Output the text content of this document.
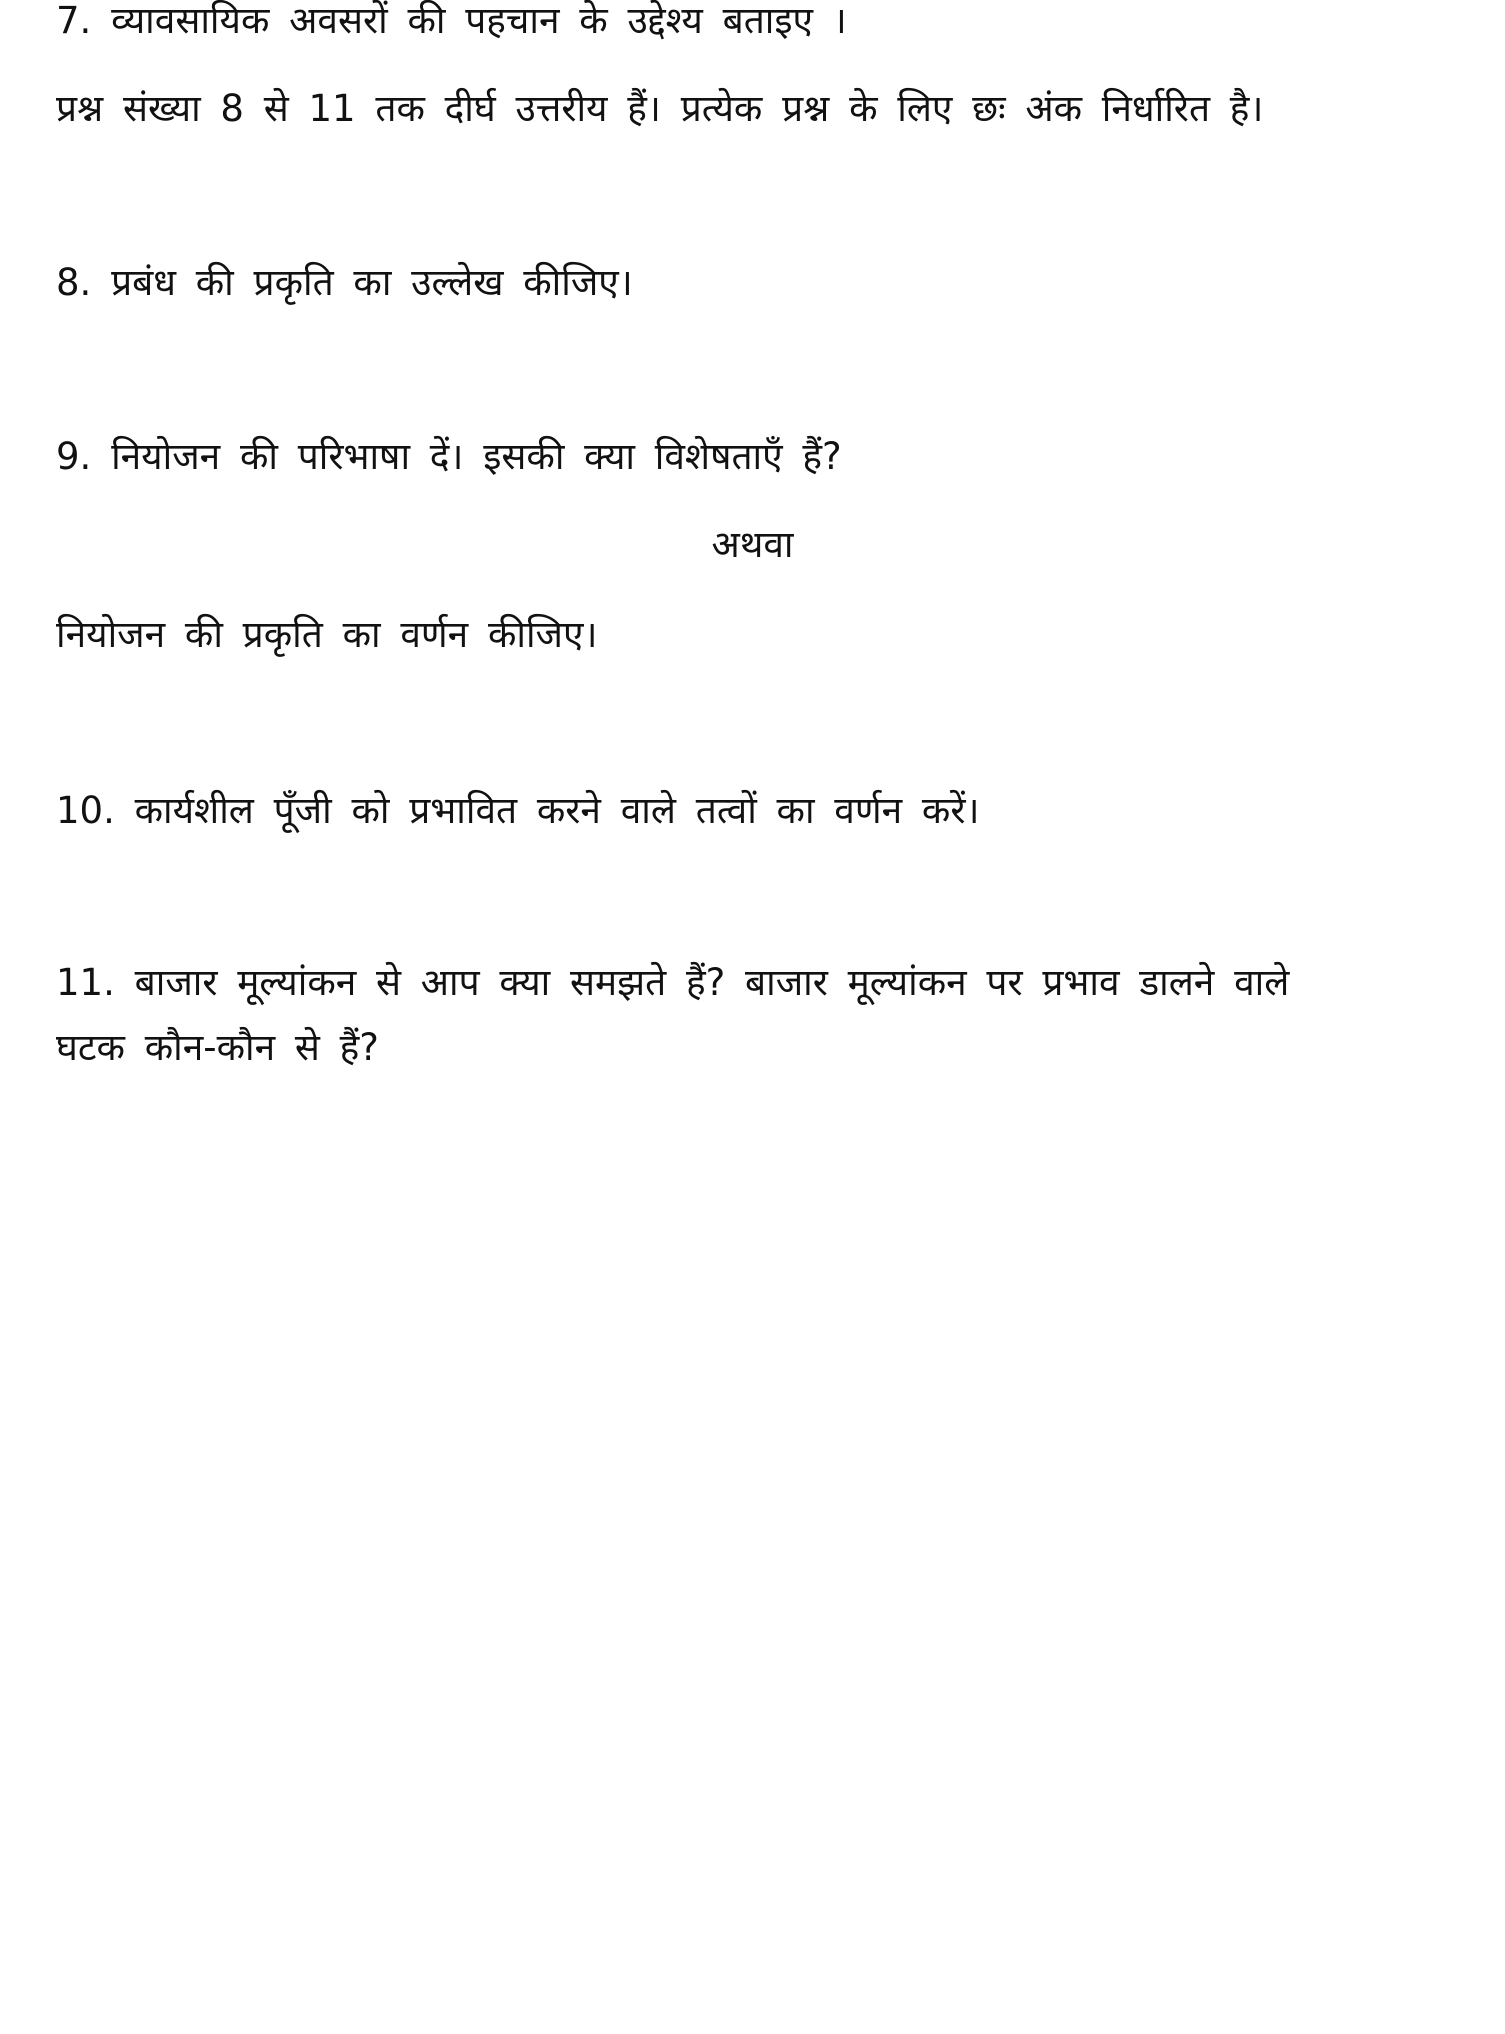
7. व्यावसायिक अवसरों की पहचान के उद्देश्य बताइए ।
प्रश्न संख्या 8 से 11 तक दीर्घ उत्तरीय हैं। प्रत्येक प्रश्न के लिए छः अंक निर्धारित है।
8. प्रबंध की प्रकृति का उल्लेख कीजिए।
9. नियोजन की परिभाषा दें। इसकी क्या विशेषताएँ हैं?
अथवा
नियोजन की प्रकृति का वर्णन कीजिए।
10. कार्यशील पूँजी को प्रभावित करने वाले तत्वों का वर्णन करें।
11. बाजार मूल्यांकन से आप क्या समझते हैं? बाजार मूल्यांकन पर प्रभाव डालने वाले
घटक कौन-कौन से हैं?
